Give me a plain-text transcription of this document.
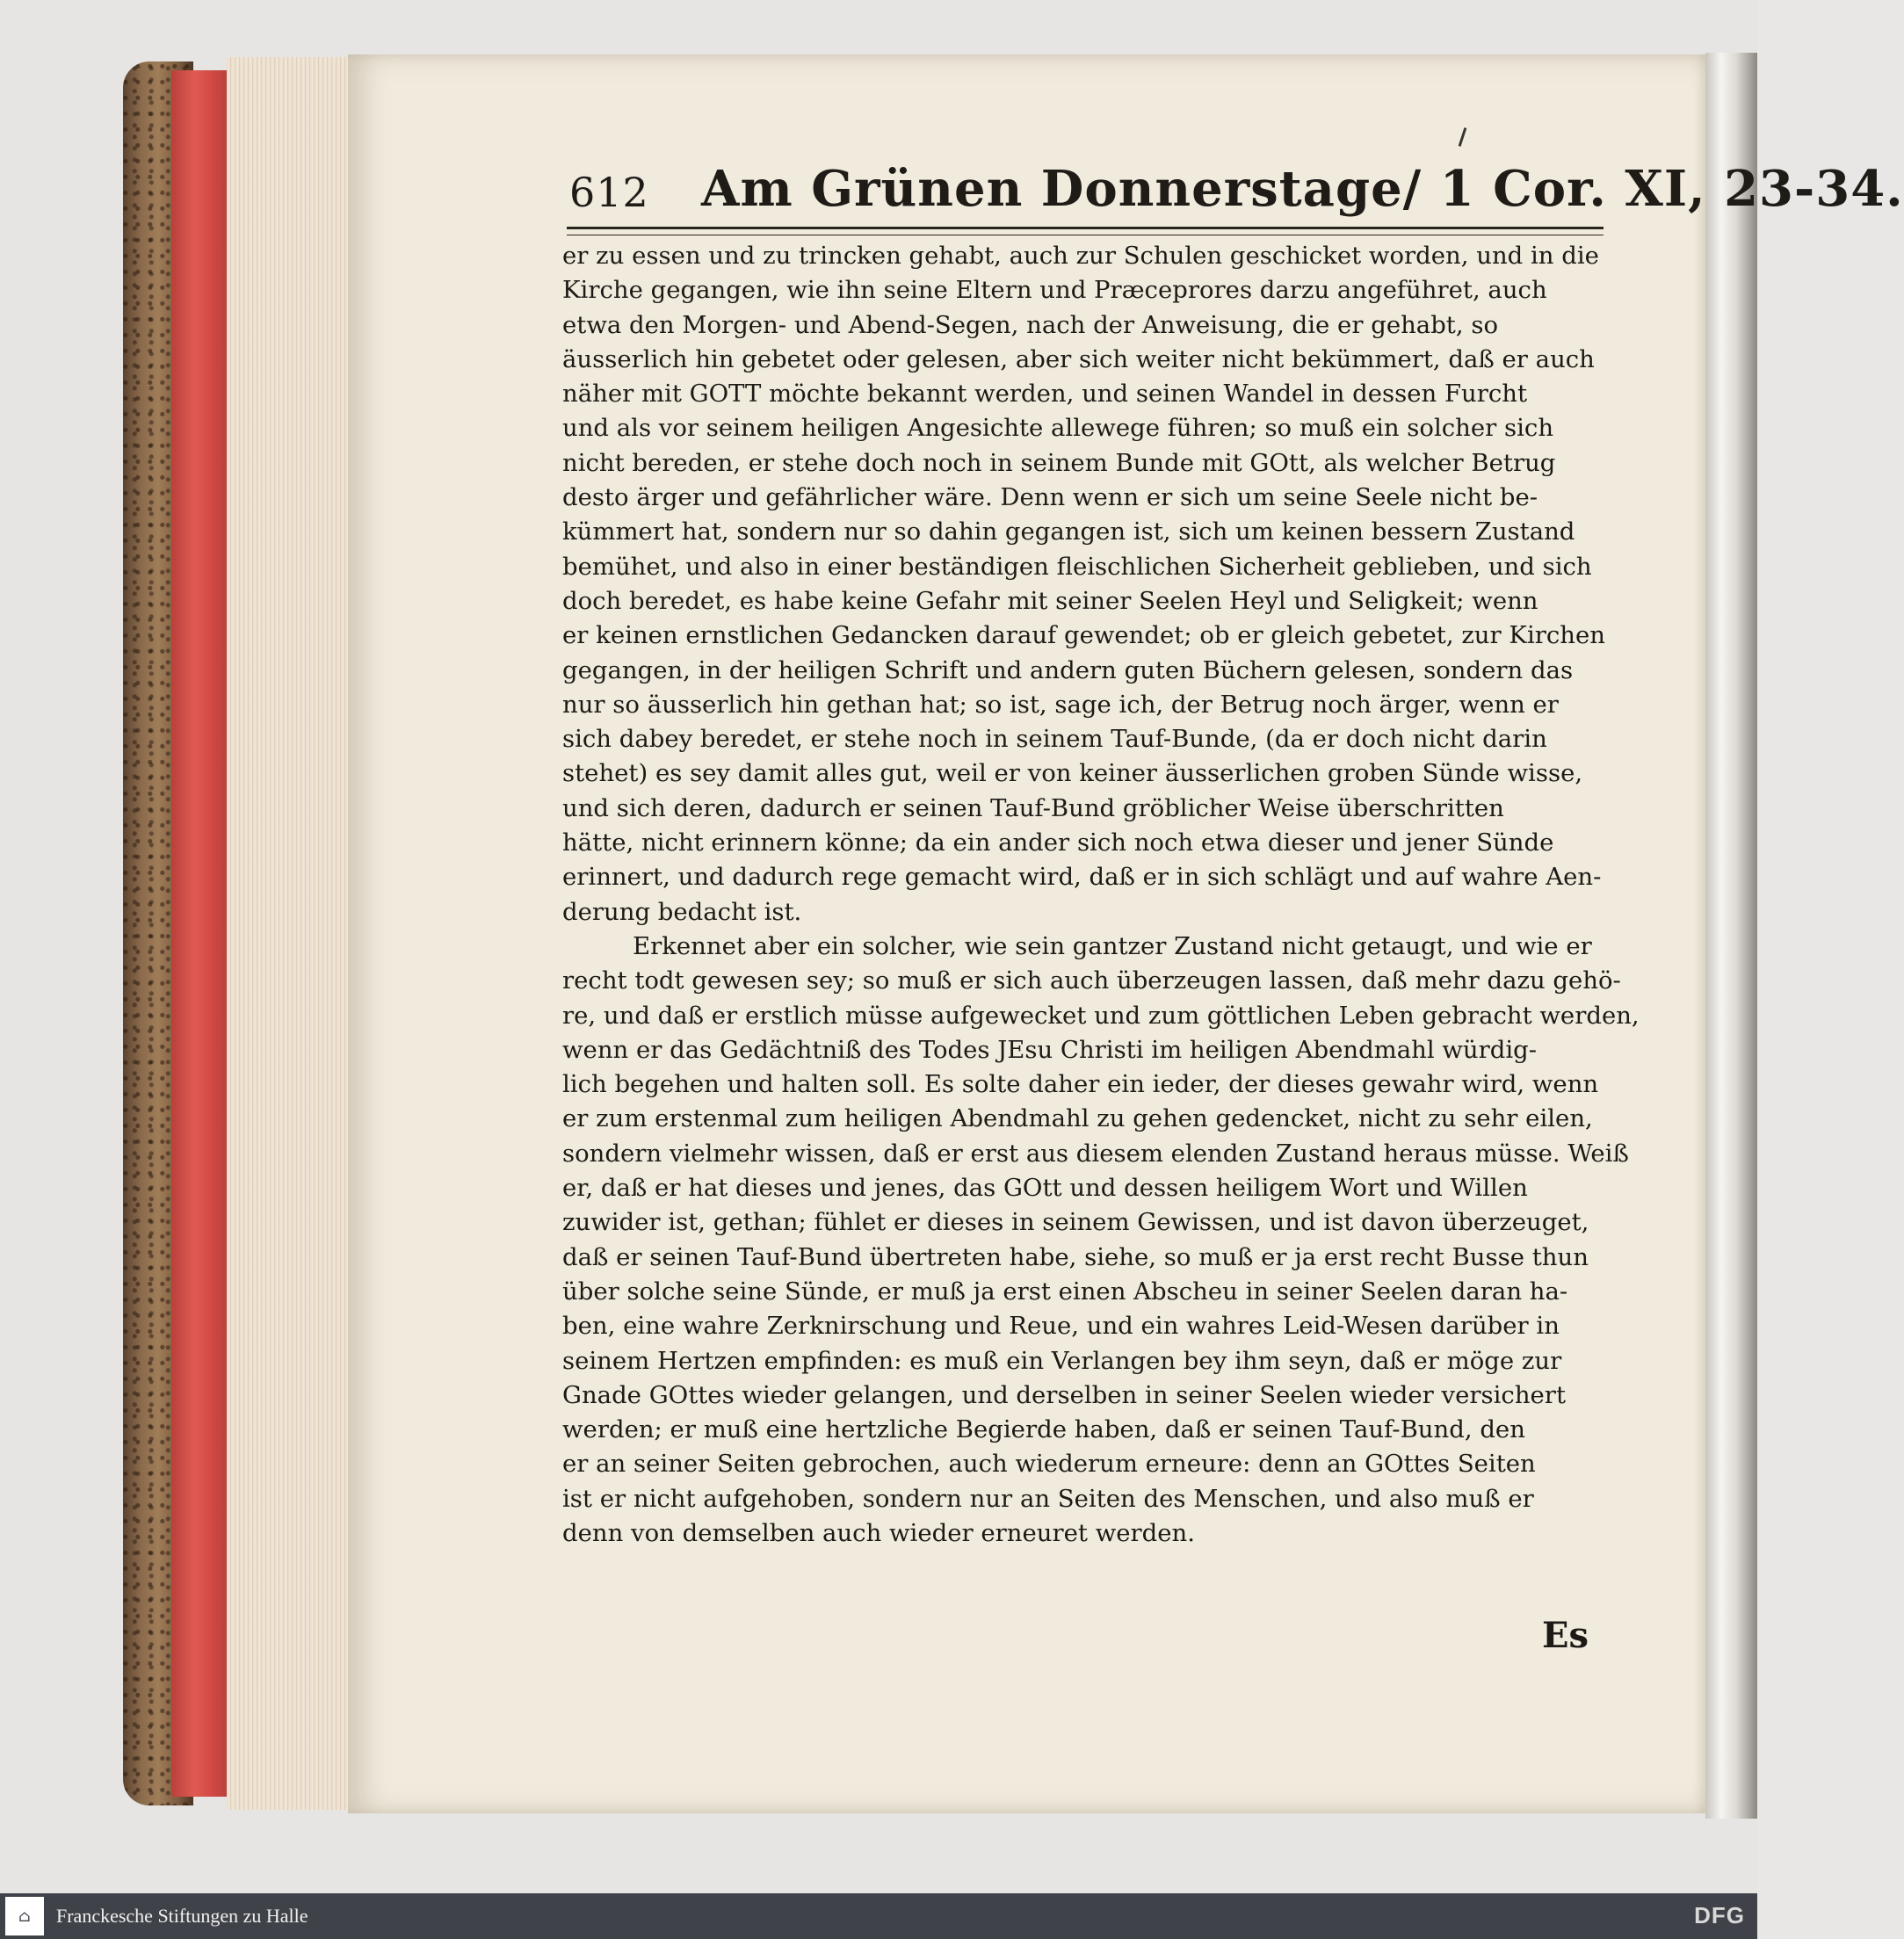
612 Am Grünen Donnerstage/ 1 Cor. XI, 23-34.
er zu essen und zu trincken gehabt, auch zur Schulen geschicket worden, und in die
Kirche gegangen, wie ihn seine Eltern und Præceprores darzu angeführet, auch
etwa den Morgen- und Abend-Segen, nach der Anweisung, die er gehabt, so
äusserlich hin gebetet oder gelesen, aber sich weiter nicht bekümmert, daß er auch
näher mit GOTT möchte bekannt werden, und seinen Wandel in dessen Furcht
und als vor seinem heiligen Angesichte allewege führen; so muß ein solcher sich
nicht bereden, er stehe doch noch in seinem Bunde mit GOtt, als welcher Betrug
desto ärger und gefährlicher wäre. Denn wenn er sich um seine Seele nicht be-
kümmert hat, sondern nur so dahin gegangen ist, sich um keinen bessern Zustand
bemühet, und also in einer beständigen fleischlichen Sicherheit geblieben, und sich
doch beredet, es habe keine Gefahr mit seiner Seelen Heyl und Seligkeit; wenn
er keinen ernstlichen Gedancken darauf gewendet; ob er gleich gebetet, zur Kirchen
gegangen, in der heiligen Schrift und andern guten Büchern gelesen, sondern das
nur so äusserlich hin gethan hat; so ist, sage ich, der Betrug noch ärger, wenn er
sich dabey beredet, er stehe noch in seinem Tauf-Bunde, (da er doch nicht darin
stehet) es sey damit alles gut, weil er von keiner äusserlichen groben Sünde wisse,
und sich deren, dadurch er seinen Tauf-Bund gröblicher Weise überschritten
hätte, nicht erinnern könne; da ein ander sich noch etwa dieser und jener Sünde
erinnert, und dadurch rege gemacht wird, daß er in sich schlägt und auf wahre Aen-
derung bedacht ist.
Erkennet aber ein solcher, wie sein gantzer Zustand nicht getaugt, und wie er
recht todt gewesen sey; so muß er sich auch überzeugen lassen, daß mehr dazu gehö-
re, und daß er erstlich müsse aufgewecket und zum göttlichen Leben gebracht werden,
wenn er das Gedächtniß des Todes JEsu Christi im heiligen Abendmahl würdig-
lich begehen und halten soll. Es solte daher ein ieder, der dieses gewahr wird, wenn
er zum erstenmal zum heiligen Abendmahl zu gehen gedencket, nicht zu sehr eilen,
sondern vielmehr wissen, daß er erst aus diesem elenden Zustand heraus müsse. Weiß
er, daß er hat dieses und jenes, das GOtt und dessen heiligem Wort und Willen
zuwider ist, gethan; fühlet er dieses in seinem Gewissen, und ist davon überzeuget,
daß er seinen Tauf-Bund übertreten habe, siehe, so muß er ja erst recht Busse thun
über solche seine Sünde, er muß ja erst einen Abscheu in seiner Seelen daran ha-
ben, eine wahre Zerknirschung und Reue, und ein wahres Leid-Wesen darüber in
seinem Hertzen empfinden: es muß ein Verlangen bey ihm seyn, daß er möge zur
Gnade GOttes wieder gelangen, und derselben in seiner Seelen wieder versichert
werden; er muß eine hertzliche Begierde haben, daß er seinen Tauf-Bund, den
er an seiner Seiten gebrochen, auch wiederum erneure: denn an GOttes Seiten
ist er nicht aufgehoben, sondern nur an Seiten des Menschen, und also muß er
denn von demselben auch wieder erneuret werden.
Es
⌂	Franckesche Stiftungen zu Halle	DFG
